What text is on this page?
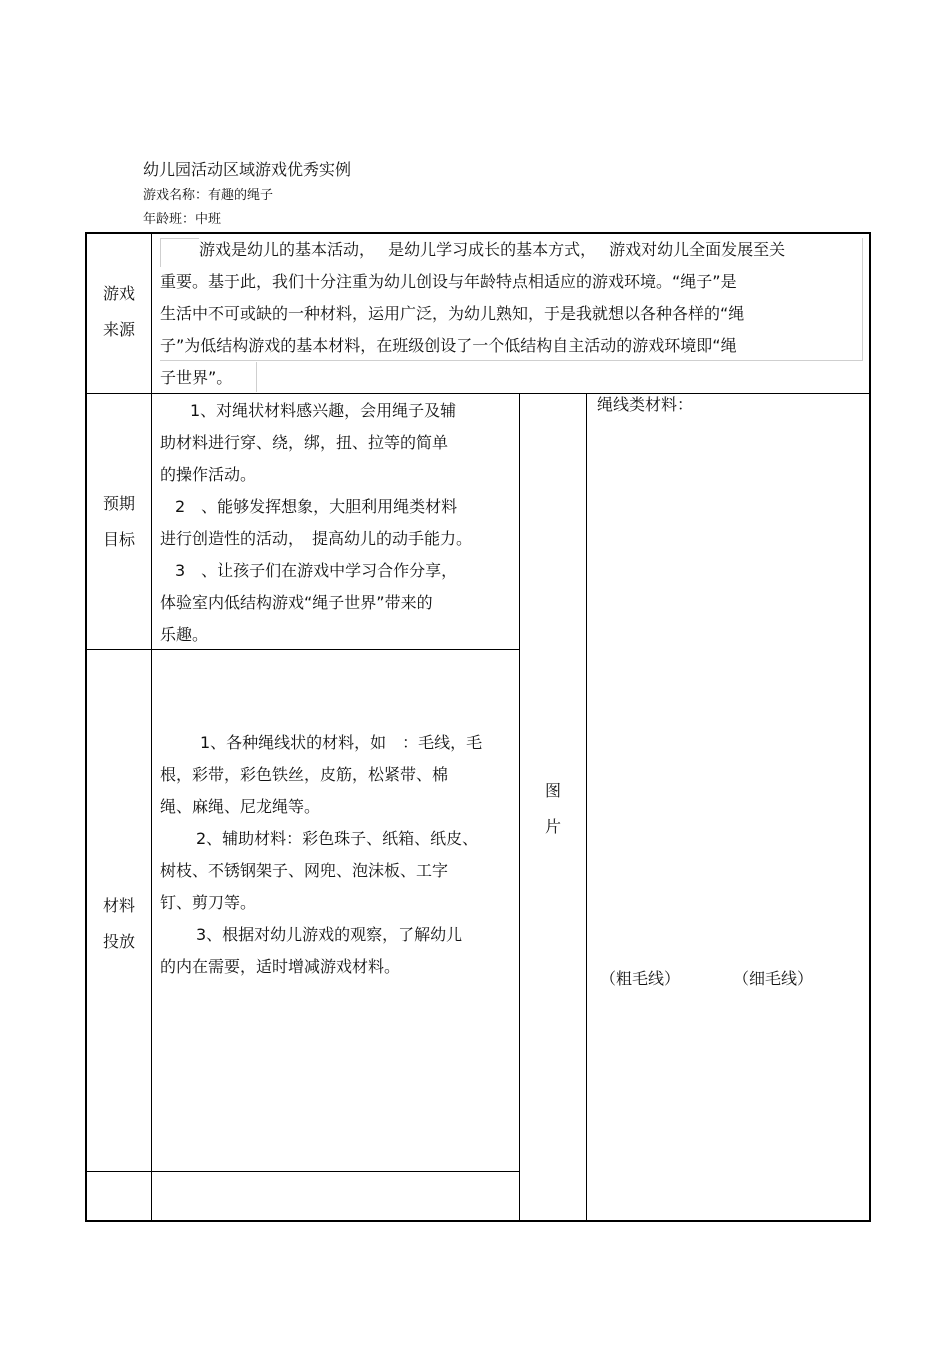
幼儿园活动区域游戏优秀实例
游戏名称：有趣的绳子
年龄班：中班
游戏
来源
游戏是幼儿的基本活动，　 是幼儿学习成长的基本方式，　 游戏对幼儿全面发展至关
重要。基于此，我们十分注重为幼儿创设与年龄特点相适应的游戏环境。“绳子”是
生活中不可或缺的一种材料，运用广泛，为幼儿熟知，于是我就想以各种各样的“绳
子”为低结构游戏的基本材料，在班级创设了一个低结构自主活动的游戏环境即“绳
子世界”。
预期
目标
1、对绳状材料感兴趣，会用绳子及辅
助材料进行穿、绕，绑，扭、拉等的简单
的操作活动。
2　、能够发挥想象，大胆利用绳类材料
进行创造性的活动，　提高幼儿的动手能力。
3　、让孩子们在游戏中学习合作分享，
体验室内低结构游戏“绳子世界”带来的
乐趣。
材料
投放
1、各种绳线状的材料，如　：毛线，毛
根，彩带，彩色铁丝，皮筋，松紧带、棉
绳、麻绳、尼龙绳等。
2、辅助材料：彩色珠子、纸箱、纸皮、
树枝、不锈钢架子、网兜、泡沫板、工字
钉、剪刀等。
3、根据对幼儿游戏的观察，了解幼儿
的内在需要，适时增减游戏材料。
图
片
绳线类材料：
（粗毛线）	（细毛线）
